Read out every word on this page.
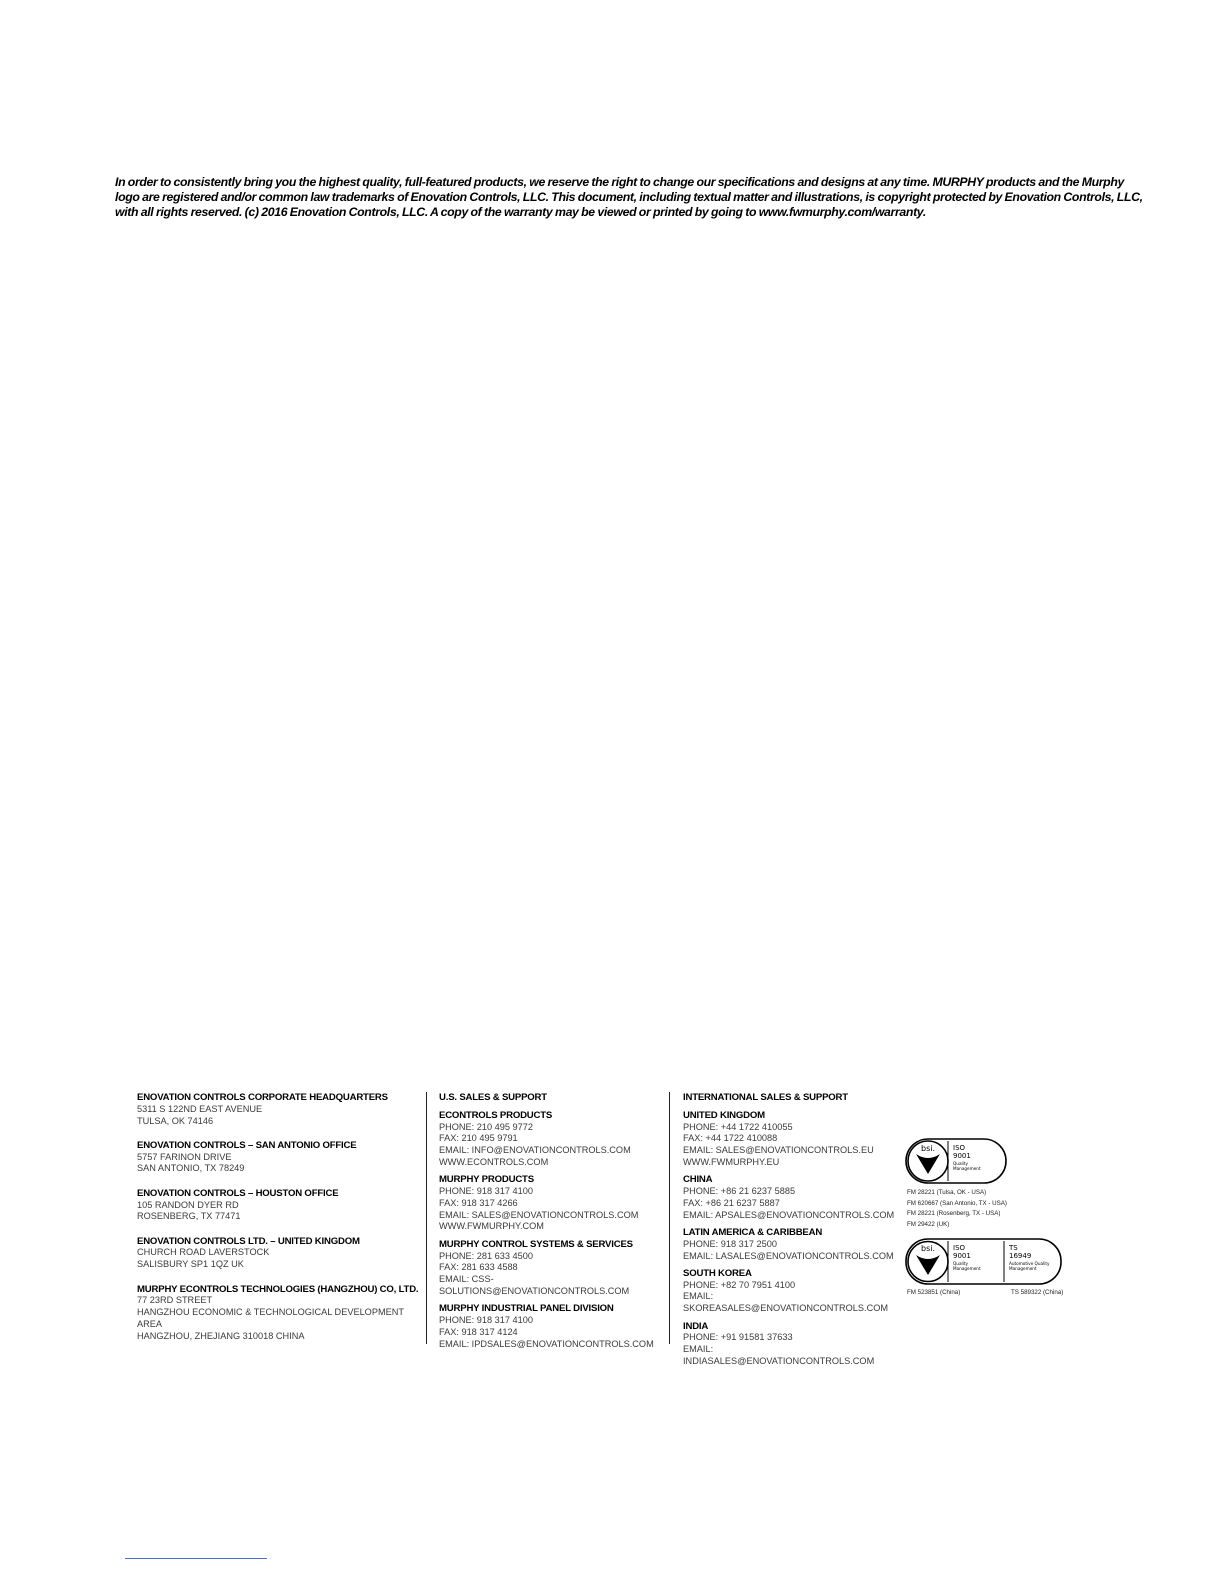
In order to consistently bring you the highest quality, full-featured products, we reserve the right to change our specifications and designs at any time. MURPHY products and the Murphy
logo are registered and/or common law trademarks of Enovation Controls, LLC. This document, including textual matter and illustrations, is copyright protected by Enovation Controls, LLC,
with all rights reserved. (c) 2016 Enovation Controls, LLC. A copy of the warranty may be viewed or printed by going to www.fwmurphy.com/warranty.
ENOVATION CONTROLS CORPORATE HEADQUARTERS
5311 S 122ND EAST AVENUE
TULSA, OK 74146
ENOVATION CONTROLS – SAN ANTONIO OFFICE
5757 FARINON DRIVE
SAN ANTONIO, TX 78249
ENOVATION CONTROLS – HOUSTON OFFICE
105 RANDON DYER RD
ROSENBERG, TX 77471
ENOVATION CONTROLS LTD. – UNITED KINGDOM
CHURCH ROAD LAVERSTOCK
SALISBURY SP1 1QZ UK
MURPHY ECONTROLS TECHNOLOGIES (HANGZHOU) CO, LTD.
77 23RD STREET
HANGZHOU ECONOMIC & TECHNOLOGICAL DEVELOPMENT AREA
HANGZHOU, ZHEJIANG 310018 CHINA
U.S. SALES & SUPPORT
ECONTROLS PRODUCTS
PHONE: 210 495 9772
FAX: 210 495 9791
EMAIL: INFO@ENOVATIONCONTROLS.COM
WWW.ECONTROLS.COM
MURPHY PRODUCTS
PHONE: 918 317 4100
FAX: 918 317 4266
EMAIL: SALES@ENOVATIONCONTROLS.COM
WWW.FWMURPHY.COM
MURPHY CONTROL SYSTEMS & SERVICES
PHONE: 281 633 4500
FAX: 281 633 4588
EMAIL: CSS-SOLUTIONS@ENOVATIONCONTROLS.COM
MURPHY INDUSTRIAL PANEL DIVISION
PHONE: 918 317 4100
FAX: 918 317 4124
EMAIL: IPDSALES@ENOVATIONCONTROLS.COM
INTERNATIONAL SALES & SUPPORT
UNITED KINGDOM
PHONE: +44 1722 410055
FAX: +44 1722 410088
EMAIL: SALES@ENOVATIONCONTROLS.EU
WWW.FWMURPHY.EU
CHINA
PHONE: +86 21 6237 5885
FAX: +86 21 6237 5887
EMAIL: APSALES@ENOVATIONCONTROLS.COM
LATIN AMERICA & CARIBBEAN
PHONE: 918 317 2500
EMAIL: LASALES@ENOVATIONCONTROLS.COM
SOUTH KOREA
PHONE: +82 70 7951 4100
EMAIL: SKOREASALES@ENOVATIONCONTROLS.COM
INDIA
PHONE: +91 91581 37633
EMAIL: INDIASALES@ENOVATIONCONTROLS.COM
bsi.	ISO
9001
Quality
Management
FM 28221 (Tulsa, OK - USA)
FM 620667 (San Antonio, TX - USA)
FM 28221 (Rosenberg, TX - USA)
FM 29422 (UK)
bsi.	ISO
9001
Quality
Management
TS
16949
Automotive Quality
Management
FM 523851 (China)	TS 589322 (China)
